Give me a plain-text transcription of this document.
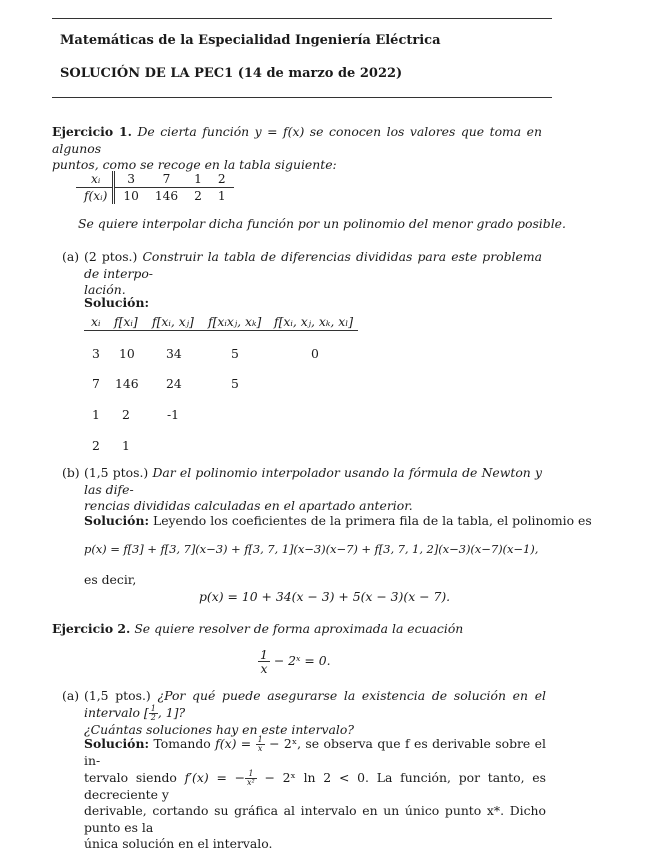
Matemáticas de la Especialidad Ingeniería Eléctrica
SOLUCIÓN DE LA PEC1 (14 de marzo de 2022)
Ejercicio 1. De cierta función y = f(x) se conocen los valores que toma en algunos
puntos, como se recoge en la tabla siguiente:
xᵢ	3	7	1	2
f(xᵢ)	10	146	2	1
Se quiere interpolar dicha función por un polinomio del menor grado posible.
(a) (2 ptos.) Construir la tabla de diferencias divididas para este problema de interpo-
lación.
Solución:
xᵢ f[xᵢ] f[xᵢ, xⱼ] f[xᵢxⱼ, xₖ] f[xᵢ, xⱼ, xₖ, xₗ]
3 10	34	5	0
7 146 24	5
1 2	-1
2 1
(b) (1,5 ptos.) Dar el polinomio interpolador usando la fórmula de Newton y las dife-
rencias divididas calculadas en el apartado anterior.
Solución: Leyendo los coeficientes de la primera fila de la tabla, el polinomio es
p(x) = f[3] + f[3, 7](x−3) + f[3, 7, 1](x−3)(x−7) + f[3, 7, 1, 2](x−3)(x−7)(x−1),
es decir,
p(x) = 10 + 34(x − 3) + 5(x − 3)(x − 7).
Ejercicio 2. Se quiere resolver de forma aproximada la ecuación
$\frac{1}{x}$ − 2ˣ = 0.
(a) (1,5 ptos.) ¿Por qué puede asegurarse la existencia de solución en el intervalo [ $\frac{1}{2}$ , 1]?
¿Cuántas soluciones hay en este intervalo?
Solución: Tomando $f(x) = \frac{1}{x}$ − 2ˣ, se observa que f es derivable sobre el in-
tervalo siendo f′(x) = − $\frac{1}{\text{x²}}$ − 2ˣ ln 2 < 0. La función, por tanto, es decreciente y
derivable, cortando su gráfica al intervalo en un único punto x*. Dicho punto es la
única solución en el intervalo.
